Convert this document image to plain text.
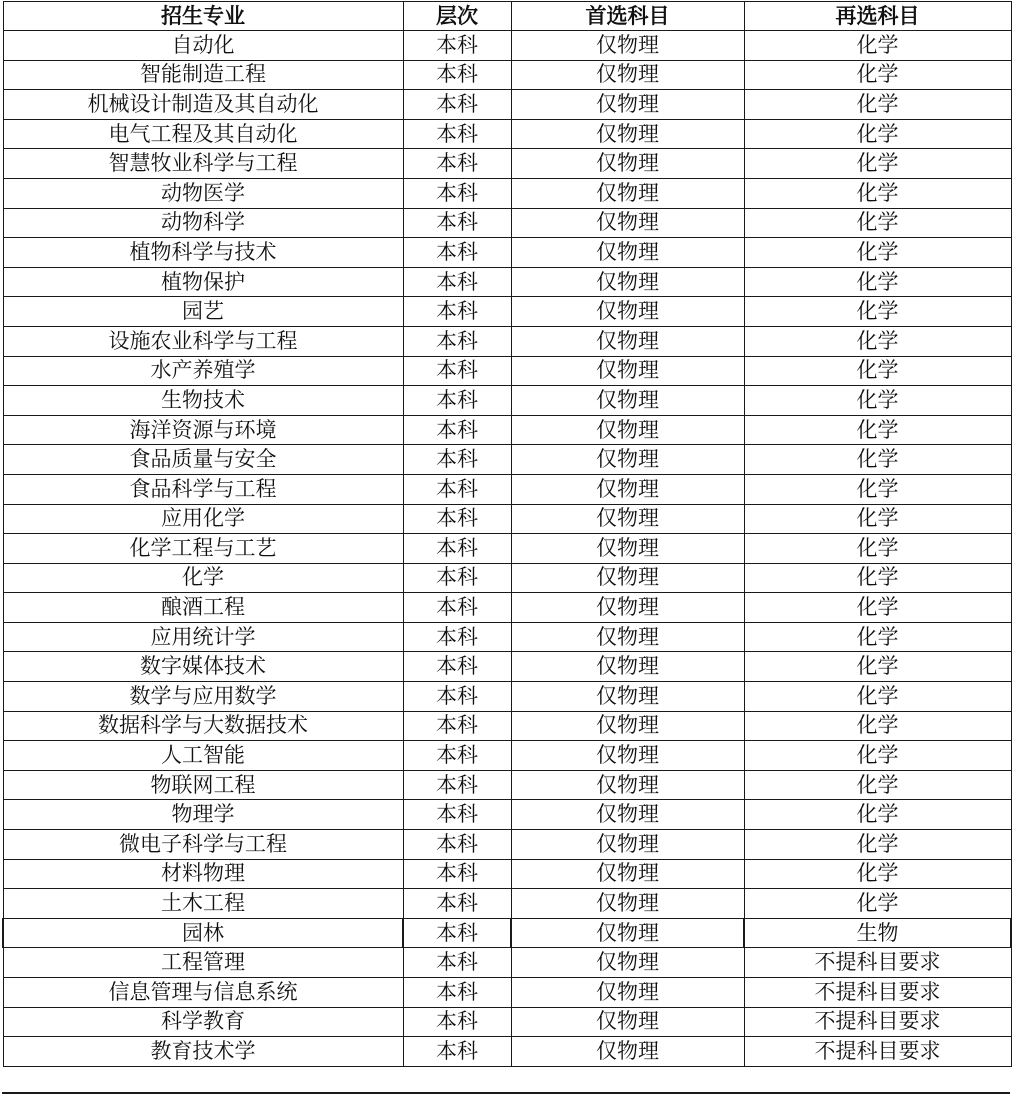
招生专业	层次	首选科目	再选科目
自动化	本科	仅物理	化学
智能制造工程	本科	仅物理	化学
机械设计制造及其自动化	本科	仅物理	化学
电气工程及其自动化	本科	仅物理	化学
智慧牧业科学与工程	本科	仅物理	化学
动物医学	本科	仅物理	化学
动物科学	本科	仅物理	化学
植物科学与技术	本科	仅物理	化学
植物保护	本科	仅物理	化学
园艺	本科	仅物理	化学
设施农业科学与工程	本科	仅物理	化学
水产养殖学	本科	仅物理	化学
生物技术	本科	仅物理	化学
海洋资源与环境	本科	仅物理	化学
食品质量与安全	本科	仅物理	化学
食品科学与工程	本科	仅物理	化学
应用化学	本科	仅物理	化学
化学工程与工艺	本科	仅物理	化学
化学	本科	仅物理	化学
酿酒工程	本科	仅物理	化学
应用统计学	本科	仅物理	化学
数字媒体技术	本科	仅物理	化学
数学与应用数学	本科	仅物理	化学
数据科学与大数据技术	本科	仅物理	化学
人工智能	本科	仅物理	化学
物联网工程	本科	仅物理	化学
物理学	本科	仅物理	化学
微电子科学与工程	本科	仅物理	化学
材料物理	本科	仅物理	化学
土木工程	本科	仅物理	化学
园林	本科	仅物理	生物
工程管理	本科	仅物理	不提科目要求
信息管理与信息系统	本科	仅物理	不提科目要求
科学教育	本科	仅物理	不提科目要求
教育技术学	本科	仅物理	不提科目要求
